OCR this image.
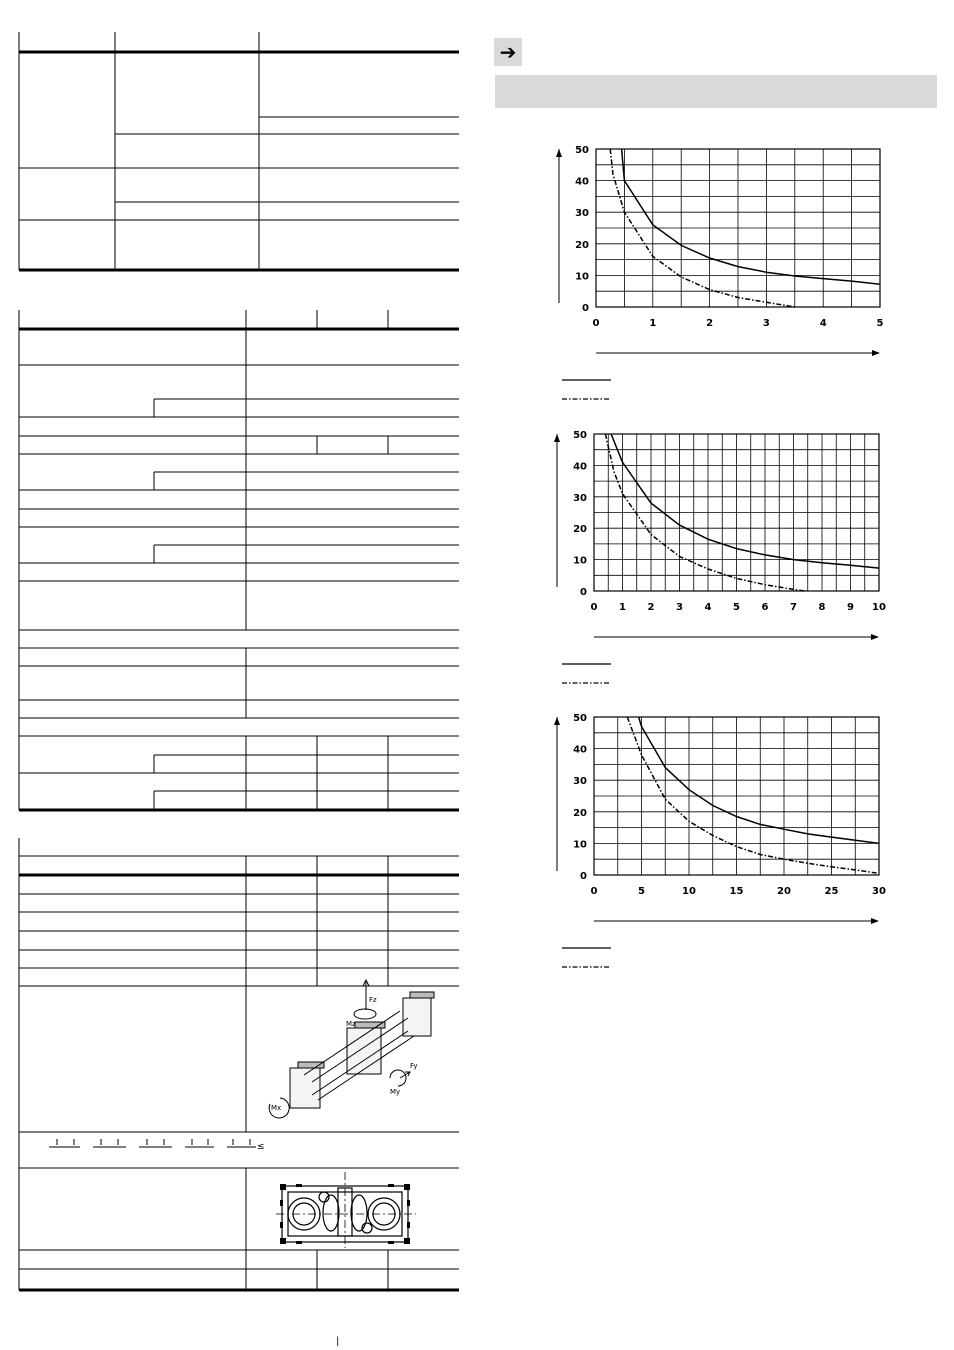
≤
Fz
Mz
Fy
My
Mx
➔
0	1	2	3	4	5
0
10
20
30
40
50
0 1 2 3 4 5 6 7 8 9 10
0
10
20
30
40
50
0	5	10	15	20	25	30
0
10
20
30
40
50
|
